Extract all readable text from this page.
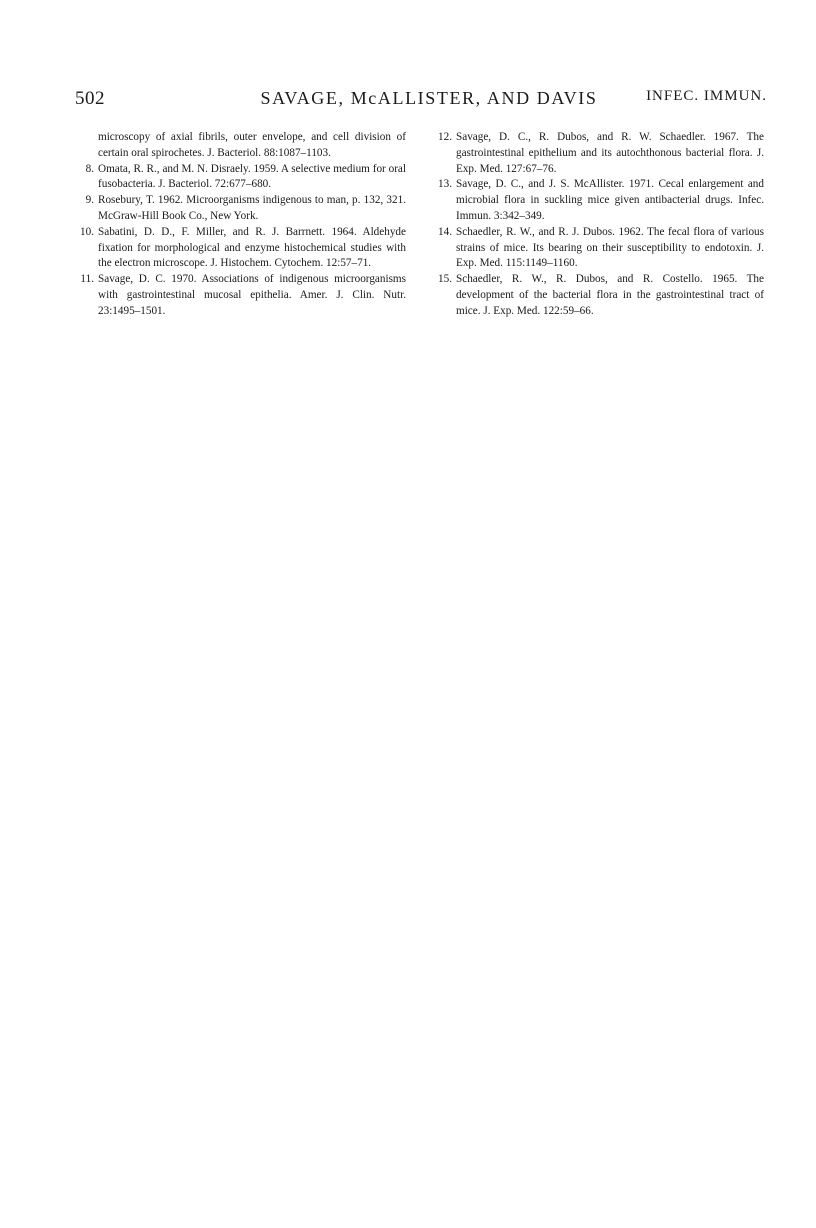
502	SAVAGE, McALLISTER, AND DAVIS	INFEC. IMMUN.

microscopy of axial fibrils, outer envelope, and cell division of certain oral spirochetes. J. Bacteriol. 88:1087–1103.

8. Omata, R. R., and M. N. Disraely. 1959. A selective medium for oral fusobacteria. J. Bacteriol. 72:677–680.

9. Rosebury, T. 1962. Microorganisms indigenous to man, p. 132, 321. McGraw-Hill Book Co., New York.

10. Sabatini, D. D., F. Miller, and R. J. Barrnett. 1964. Aldehyde fixation for morphological and enzyme histochemical studies with the electron microscope. J. Histochem. Cytochem. 12:57–71.

11. Savage, D. C. 1970. Associations of indigenous microorganisms with gastrointestinal mucosal epithelia. Amer. J. Clin. Nutr. 23:1495–1501.

12. Savage, D. C., R. Dubos, and R. W. Schaedler. 1967. The gastrointestinal epithelium and its autochthonous bacterial flora. J. Exp. Med. 127:67–76.

13. Savage, D. C., and J. S. McAllister. 1971. Cecal enlargement and microbial flora in suckling mice given antibacterial drugs. Infec. Immun. 3:342–349.

14. Schaedler, R. W., and R. J. Dubos. 1962. The fecal flora of various strains of mice. Its bearing on their susceptibility to endotoxin. J. Exp. Med. 115:1149–1160.

15. Schaedler, R. W., R. Dubos, and R. Costello. 1965. The development of the bacterial flora in the gastrointestinal tract of mice. J. Exp. Med. 122:59–66.
